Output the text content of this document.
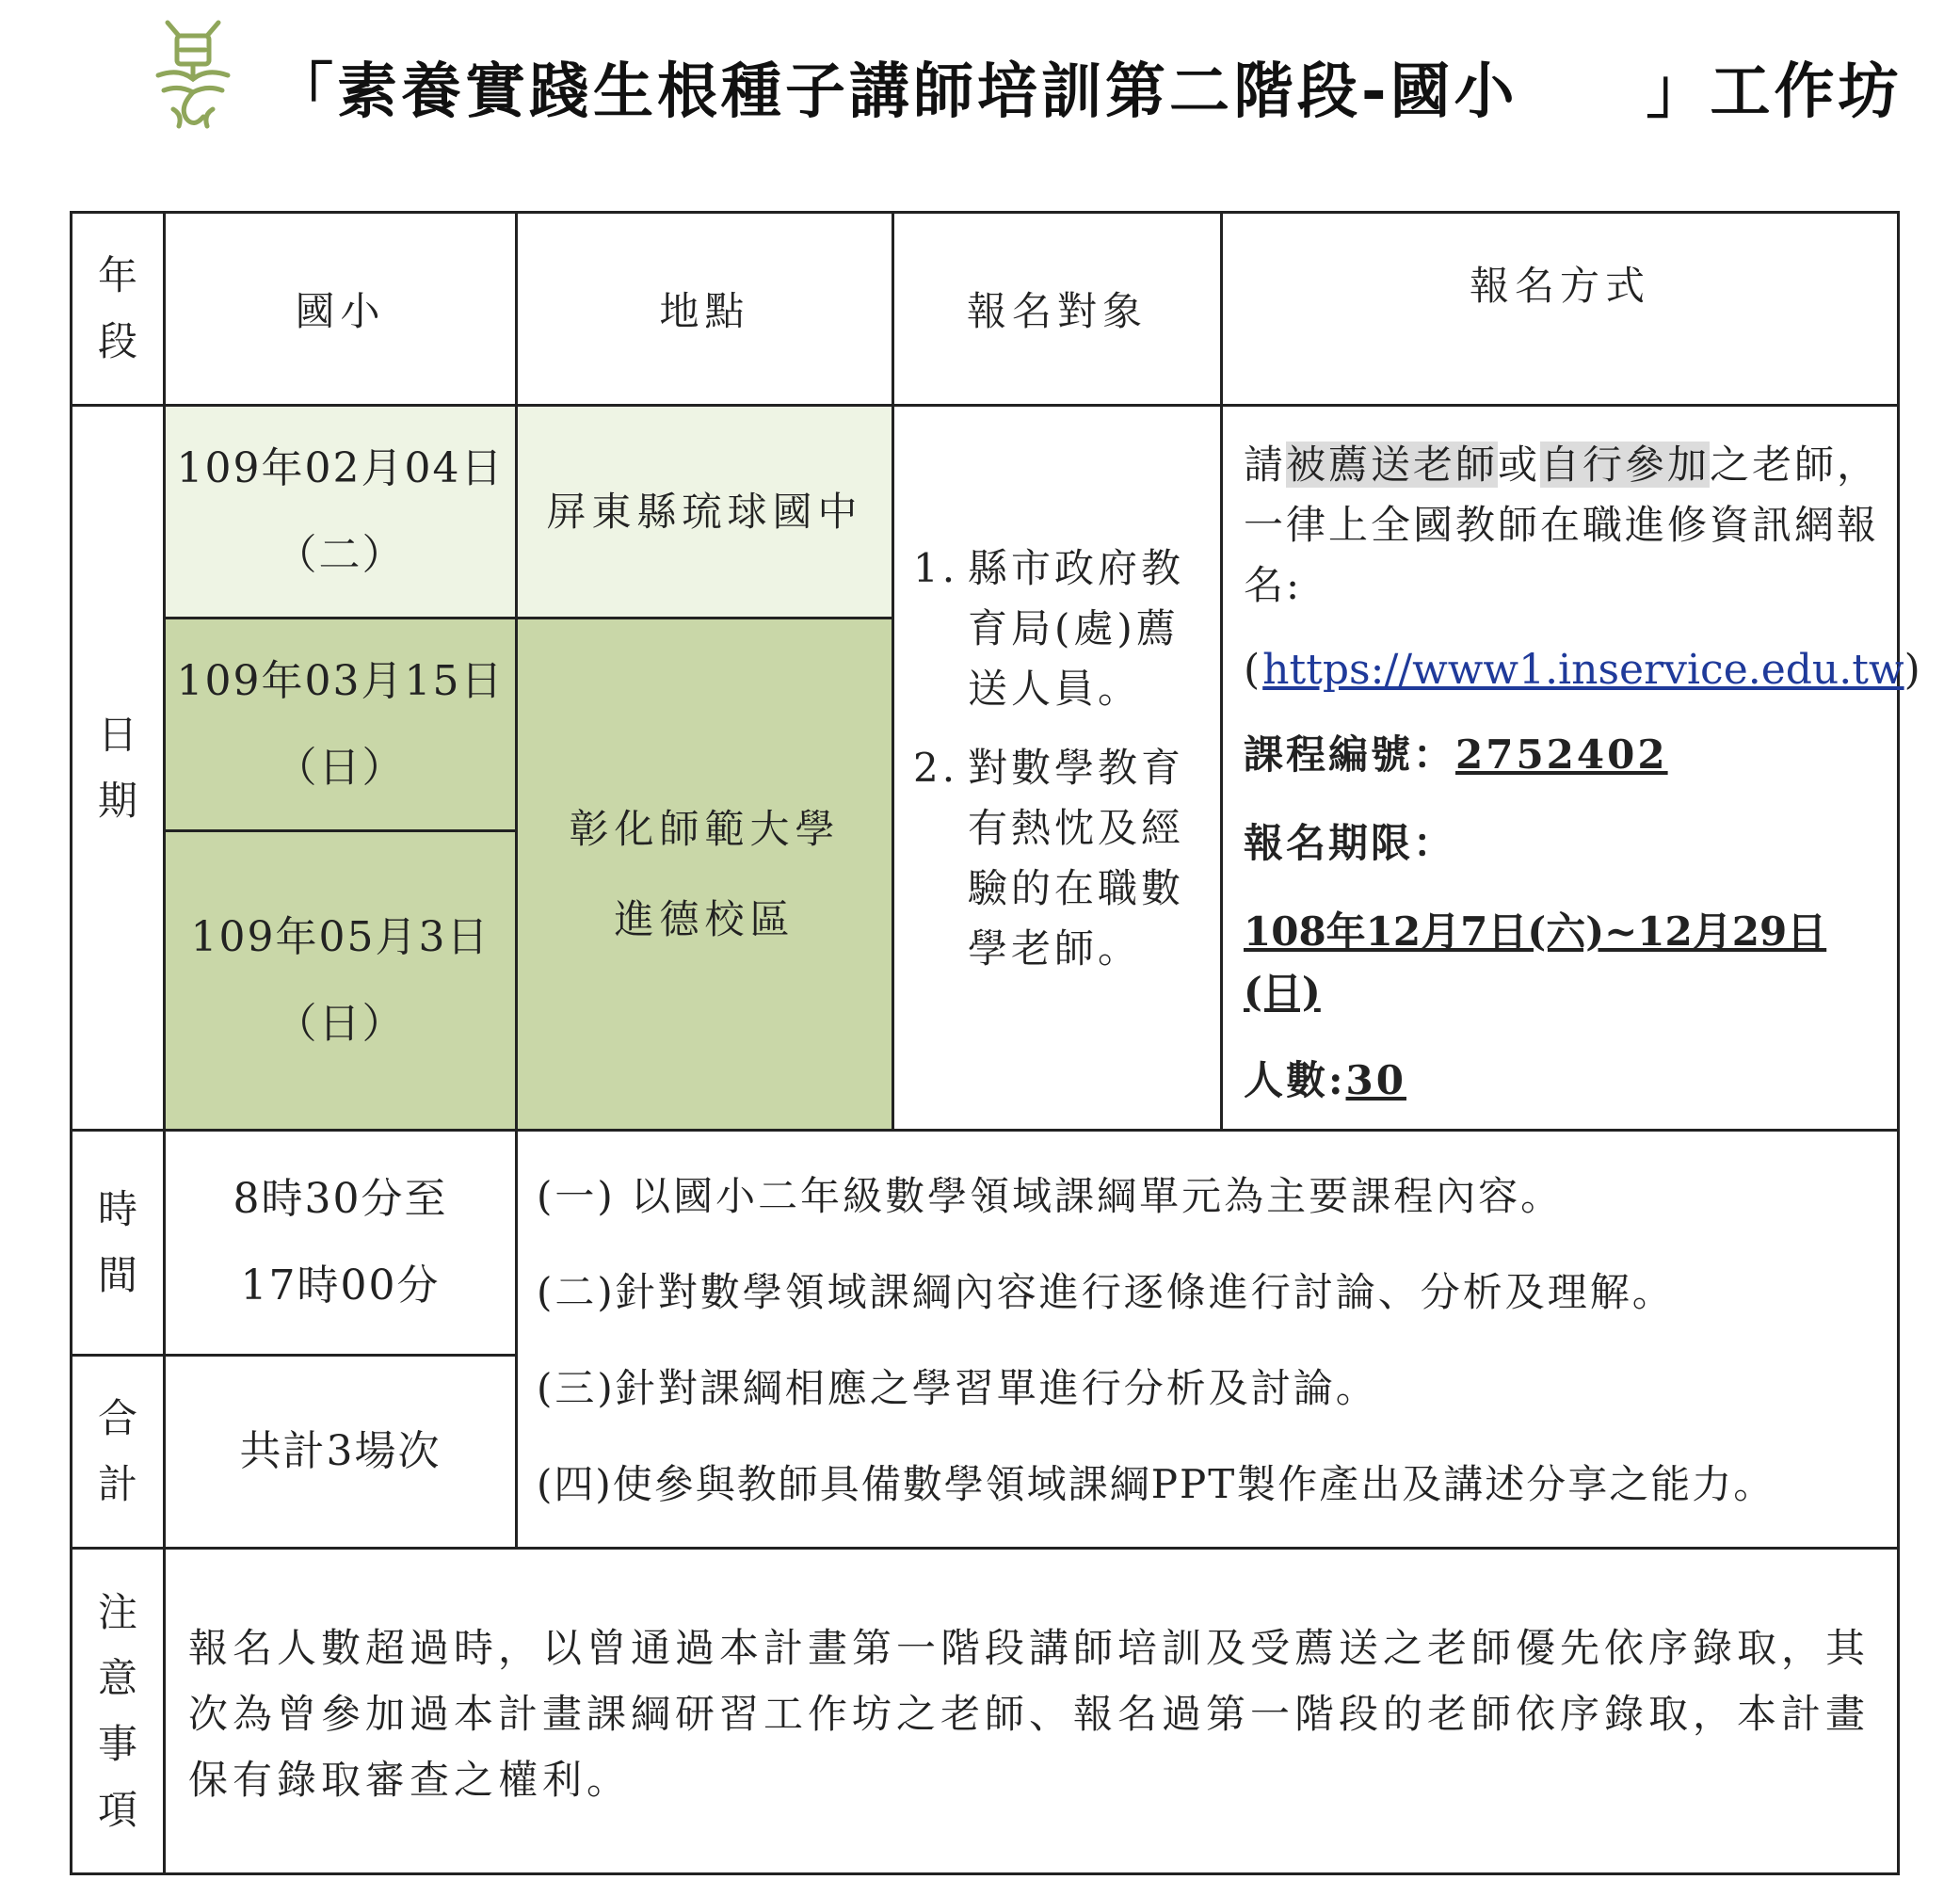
「素養實踐生根種子講師培訓第二階段-國小　　」工作坊
年段
國小	地點	報名對象
報名方式
日期
109年02月04日
（二）
109年03月15日
（日）
109年05月3日
（日）
屏東縣琉球國中
彰化師範大學
進德校區
1. 縣市政府教育局(處)薦送人員。
2. 對數學教育有熱忱及經驗的在職數學老師。

請被薦送老師或自行參加之老師，一律上全國教師在職進修資訊網報名:

(https://www1.inservice.edu.tw)

課程編號：2752402

報名期限：

108年12月7日(六)~12月29日(日)

人數:30

時間
8時30分至
17時00分
合計
共計3場次
(一) 以國小二年級數學領域課綱單元為主要課程內容。
(二)針對數學領域課綱內容進行逐條進行討論、分析及理解。
(三)針對課綱相應之學習單進行分析及討論。
(四)使參與教師具備數學領域課綱PPT製作產出及講述分享之能力。
注意事項
報名人數超過時，以曾通過本計畫第一階段講師培訓及受薦送之老師優先依序錄取，其次為曾參加過本計畫課綱研習工作坊之老師、報名過第一階段的老師依序錄取，本計畫保有錄取審查之權利。
